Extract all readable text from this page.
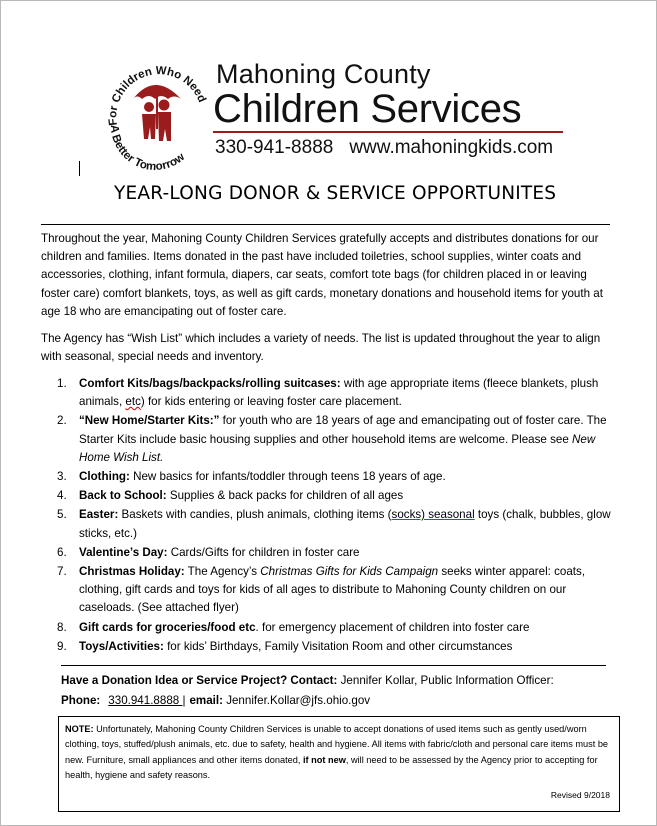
For Children Who Need
A Better Tomorrow
Mahoning County
Children Services
330-941-8888 www.mahoningkids.com
YEAR-LONG DONOR & SERVICE OPPORTUNITES

Throughout the year, Mahoning County Children Services gratefully accepts and distributes donations for our children and families. Items donated in the past have included toiletries, school supplies, winter coats and accessories, clothing, infant formula, diapers, car seats, comfort tote bags (for children placed in or leaving foster care) comfort blankets, toys, as well as gift cards, monetary donations and household items for youth at age 18 who are emancipating out of foster care.

The Agency has “Wish List” which includes a variety of needs. The list is updated throughout the year to align with seasonal, special needs and inventory.

1. Comfort Kits/bags/backpacks/rolling suitcases: with age appropriate items (fleece blankets, plush animals, etc) for kids entering or leaving foster care placement.
2. “New Home/Starter Kits:” for youth who are 18 years of age and emancipating out of foster care. The Starter Kits include basic housing supplies and other household items are welcome. Please see New Home Wish List.
3. Clothing: New basics for infants/toddler through teens 18 years of age.
4. Back to School: Supplies & back packs for children of all ages
5. Easter: Baskets with candies, plush animals, clothing items (socks) seasonal toys (chalk, bubbles, glow sticks, etc.)
6. Valentine’s Day: Cards/Gifts for children in foster care
7. Christmas Holiday: The Agency’s Christmas Gifts for Kids Campaign seeks winter apparel: coats, clothing, gift cards and toys for kids of all ages to distribute to Mahoning County children on our caseloads. (See attached flyer)
8. Gift cards for groceries/food etc. for emergency placement of children into foster care
9. Toys/Activities: for kids’ Birthdays, Family Visitation Room and other circumstances
Have a Donation Idea or Service Project? Contact: Jennifer Kollar, Public Information Officer:
Phone: 330.941.8888 | email: Jennifer.Kollar@jfs.ohio.gov
NOTE: Unfortunately, Mahoning County Children Services is unable to accept donations of used items such as gently used/worn clothing, toys, stuffed/plush animals, etc. due to safety, health and hygiene. All items with fabric/cloth and personal care items must be new. Furniture, small appliances and other items donated, if not new, will need to be assessed by the Agency prior to accepting for health, hygiene and safety reasons.
Revised 9/2018
